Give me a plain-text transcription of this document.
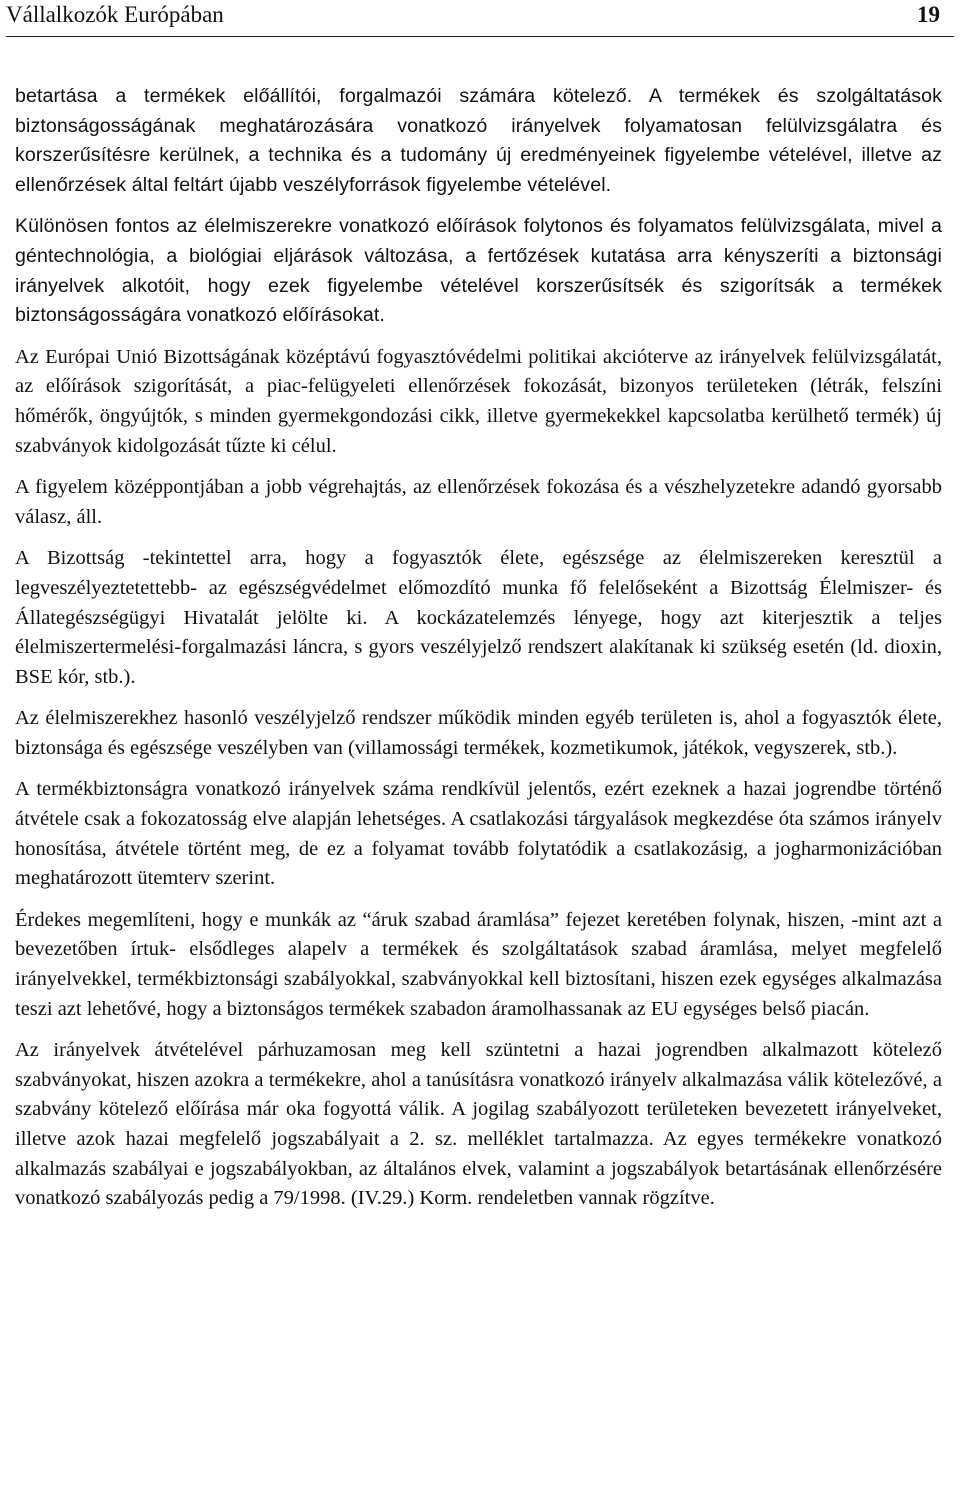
Vállalkozók Európában	19

betartása a termékek előállítói, forgalmazói számára kötelező. A termékek és szolgáltatások biztonságosságának meghatározására vonatkozó irányelvek folyamatosan felülvizsgálatra és korszerűsítésre kerülnek, a technika és a tudomány új eredményeinek figyelembe vételével, illetve az ellenőrzések által feltárt újabb veszélyforrások figyelembe vételével.

Különösen fontos az élelmiszerekre vonatkozó előírások folytonos és folyamatos felülvizsgálata, mivel a géntechnológia, a biológiai eljárások változása, a fertőzések kutatása arra kényszeríti a biztonsági irányelvek alkotóit, hogy ezek figyelembe vételével korszerűsítsék és szigorítsák a termékek biztonságosságára vonatkozó előírásokat.

Az Európai Unió Bizottságának középtávú fogyasztóvédelmi politikai akcióterve az irányelvek felülvizsgálatát, az előírások szigorítását, a piac-felügyeleti ellenőrzések fokozását, bizonyos területeken (létrák, felszíni hőmérők, öngyújtók, s minden gyermekgondozási cikk, illetve gyermekekkel kapcsolatba kerülhető termék) új szabványok kidolgozását tűzte ki célul.

A figyelem középpontjában a jobb végrehajtás, az ellenőrzések fokozása és a vészhelyzetekre adandó gyorsabb válasz, áll.

A Bizottság -tekintettel arra, hogy a fogyasztók élete, egészsége az élelmiszereken keresztül a legveszélyeztetettebb- az egészségvédelmet előmozdító munka fő felelőseként a Bizottság Élelmiszer- és Állategészségügyi Hivatalát jelölte ki. A kockázatelemzés lényege, hogy azt kiterjesztik a teljes élelmiszertermelési-forgalmazási láncra, s gyors veszélyjelző rendszert alakítanak ki szükség esetén (ld. dioxin, BSE kór, stb.).

Az élelmiszerekhez hasonló veszélyjelző rendszer működik minden egyéb területen is, ahol a fogyasztók élete, biztonsága és egészsége veszélyben van (villamossági termékek, kozmetikumok, játékok, vegyszerek, stb.).

A termékbiztonságra vonatkozó irányelvek száma rendkívül jelentős, ezért ezeknek a hazai jogrendbe történő átvétele csak a fokozatosság elve alapján lehetséges. A csatlakozási tárgyalások megkezdése óta számos irányelv honosítása, átvétele történt meg, de ez a folyamat tovább folytatódik a csatlakozásig, a jogharmonizációban meghatározott ütemterv szerint.

Érdekes megemlíteni, hogy e munkák az “áruk szabad áramlása” fejezet keretében folynak, hiszen, -mint azt a bevezetőben írtuk- elsődleges alapelv a termékek és szolgáltatások szabad áramlása, melyet megfelelő irányelvekkel, termékbiztonsági szabályokkal, szabványokkal kell biztosítani, hiszen ezek egységes alkalmazása teszi azt lehetővé, hogy a biztonságos termékek szabadon áramolhassanak az EU egységes belső piacán.

Az irányelvek átvételével párhuzamosan meg kell szüntetni a hazai jogrendben alkalmazott kötelező szabványokat, hiszen azokra a termékekre, ahol a tanúsításra vonatkozó irányelv alkalmazása válik kötelezővé, a szabvány kötelező előírása már oka fogyottá válik. A jogilag szabályozott területeken bevezetett irányelveket, illetve azok hazai megfelelő jogszabályait a 2. sz. melléklet tartalmazza. Az egyes termékekre vonatkozó alkalmazás szabályai e jogszabályokban, az általános elvek, valamint a jogszabályok betartásának ellenőrzésére vonatkozó szabályozás pedig a 79/1998. (IV.29.) Korm. rendeletben vannak rögzítve.
